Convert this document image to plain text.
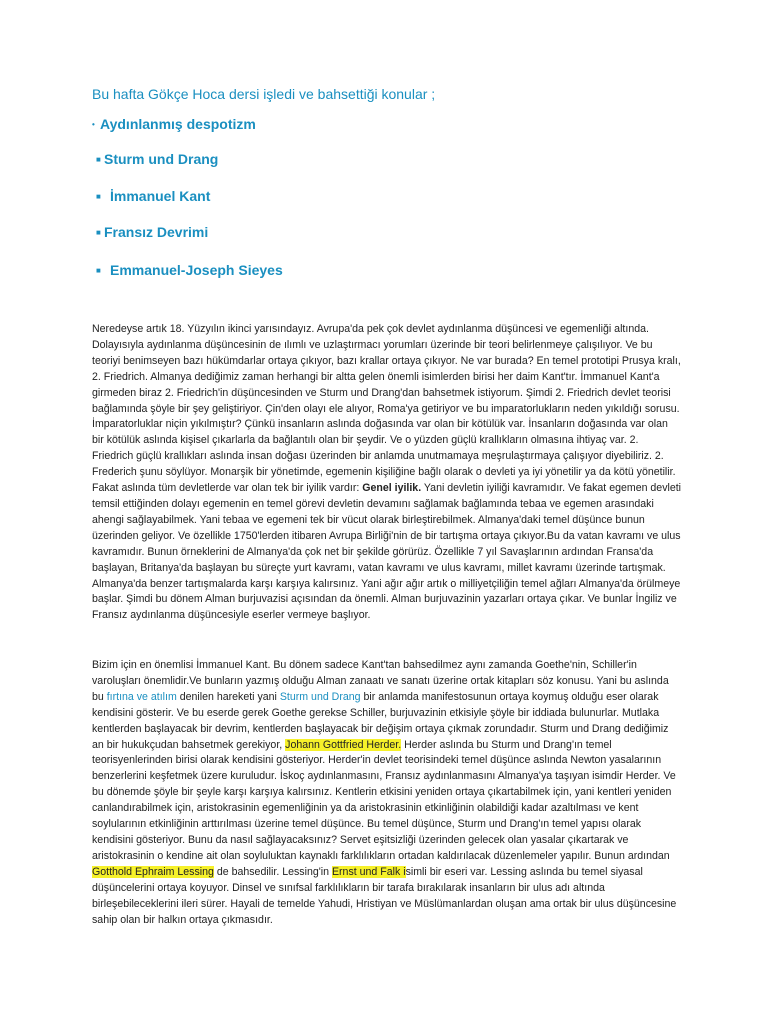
Bu hafta Gökçe Hoca dersi işledi ve bahsettiği konular ;
• Aydınlanmış despotizm
■ Sturm und Drang
■ İmmanuel Kant
■ Fransız Devrimi
■ Emmanuel-Joseph Sieyes
Neredeyse artık 18. Yüzyılın ikinci yarısındayız. Avrupa'da pek çok devlet aydınlanma düşüncesi ve egemenliği altında. Dolayısıyla aydınlanma düşüncesinin de ılımlı ve uzlaştırmacı yorumları üzerinde bir teori belirlenmeye çalışılıyor. Ve bu teoriyi benimseyen bazı hükümdarlar ortaya çıkıyor, bazı krallar ortaya çıkıyor. Ne var burada? En temel prototipi Prusya kralı, 2. Friedrich. Almanya dediğimiz zaman herhangi bir altta gelen önemli isimlerden birisi her daim Kant'tır. İmmanuel Kant'a girmeden biraz 2. Friedrich'in düşüncesinden ve Sturm und Drang'dan bahsetmek istiyorum. Şimdi 2. Friedrich devlet teorisi bağlamında şöyle bir şey geliştiriyor. Çin'den olayı ele alıyor, Roma'ya getiriyor ve bu imparatorlukların neden yıkıldığı sorusu. İmparatorluklar niçin yıkılmıştır? Çünkü insanların aslında doğasında var olan bir kötülük var. İnsanların doğasında var olan bir kötülük aslında kişisel çıkarlarla da bağlantılı olan bir şeydir. Ve o yüzden güçlü krallıkların olmasına ihtiyaç var. 2. Friedrich güçlü krallıkları aslında insan doğası üzerinden bir anlamda unutmamaya meşrulaştırmaya çalışıyor diyebiliriz. 2. Frederich şunu söylüyor. Monarşik bir yönetimde, egemenin kişiliğine bağlı olarak o devleti ya iyi yönetilir ya da kötü yönetilir. Fakat aslında tüm devletlerde var olan tek bir iyilik vardır: Genel iyilik. Yani devletin iyiliği kavramıdır. Ve fakat egemen devleti temsil ettiğinden dolayı egemenin en temel görevi devletin devamını sağlamak bağlamında tebaa ve egemen arasındaki ahengi sağlayabilmek. Yani tebaa ve egemeni tek bir vücut olarak birleştirebilmek. Almanya'daki temel düşünce bunun üzerinden geliyor. Ve özellikle 1750'lerden itibaren Avrupa Birliği'nin de bir tartışma ortaya çıkıyor.Bu da vatan kavramı ve ulus kavramıdır. Bunun örneklerini de Almanya'da çok net bir şekilde görürüz. Özellikle 7 yıl Savaşlarının ardından Fransa'da başlayan, Britanya'da başlayan bu süreçte yurt kavramı, vatan kavramı ve ulus kavramı, millet kavramı üzerinde tartışmak. Almanya'da benzer tartışmalarda karşı karşıya kalırsınız. Yani ağır ağır artık o milliyetçiliğin temel ağları Almanya'da örülmeye başlar. Şimdi bu dönem Alman burjuvazisi açısından da önemli. Alman burjuvazinin yazarları ortaya çıkar. Ve bunlar İngiliz ve Fransız aydınlanma düşüncesiyle eserler vermeye başlıyor.
Bizim için en önemlisi İmmanuel Kant. Bu dönem sadece Kant'tan bahsedilmez aynı zamanda Goethe'nin, Schiller'in varoluşları önemlidir.Ve bunların yazmış olduğu Alman zanaatı ve sanatı üzerine ortak kitapları söz konusu. Yani bu aslında bu fırtına ve atılım denilen hareketi yani Sturm und Drang bir anlamda manifestosunun ortaya koymuş olduğu eser olarak kendisini gösterir. Ve bu eserde gerek Goethe gerekse Schiller, burjuvazinin etkisiyle şöyle bir iddiada bulunurlar. Mutlaka kentlerden başlayacak bir devrim, kentlerden başlayacak bir değişim ortaya çıkmak zorundadır. Sturm und Drang dediğimiz an bir hukukçudan bahsetmek gerekiyor, Johann Gottfried Herder. Herder aslında bu Sturm und Drang'ın temel teorisyenlerinden birisi olarak kendisini gösteriyor. Herder'in devlet teorisindeki temel düşünce aslında Newton yasalarının benzerlerini keşfetmek üzere kuruludur. İskoç aydınlanmasını, Fransız aydınlanmasını Almanya'ya taşıyan isimdir Herder. Ve bu dönemde şöyle bir şeyle karşı karşıya kalırsınız. Kentlerin etkisini yeniden ortaya çıkartabilmek için, yani kentleri yeniden canlandırabilmek için, aristokrasinin egemenliğinin ya da aristokrasinin etkinliğinin olabildiği kadar azaltılması ve kent soylularının etkinliğinin arttırılması üzerine temel düşünce. Bu temel düşünce, Sturm und Drang'ın temel yapısı olarak kendisini gösteriyor. Bunu da nasıl sağlayacaksınız? Servet eşitsizliği üzerinden gelecek olan yasalar çıkartarak ve aristokrasinin o kendine ait olan soyluluktan kaynaklı farklılıkların ortadan kaldırılacak düzenlemeler yapılır. Bunun ardından Gotthold Ephraim Lessing de bahsedilir. Lessing'in Ernst und Falk isimli bir eseri var. Lessing aslında bu temel siyasal düşüncelerini ortaya koyuyor. Dinsel ve sınıfsal farklılıkların bir tarafa bırakılarak insanların bir ulus adı altında birleşebileceklerini ileri sürer. Hayali de temelde Yahudi, Hristiyan ve Müslümanlardan oluşan ama ortak bir ulus düşüncesine sahip olan bir halkın ortaya çıkmasıdır.
